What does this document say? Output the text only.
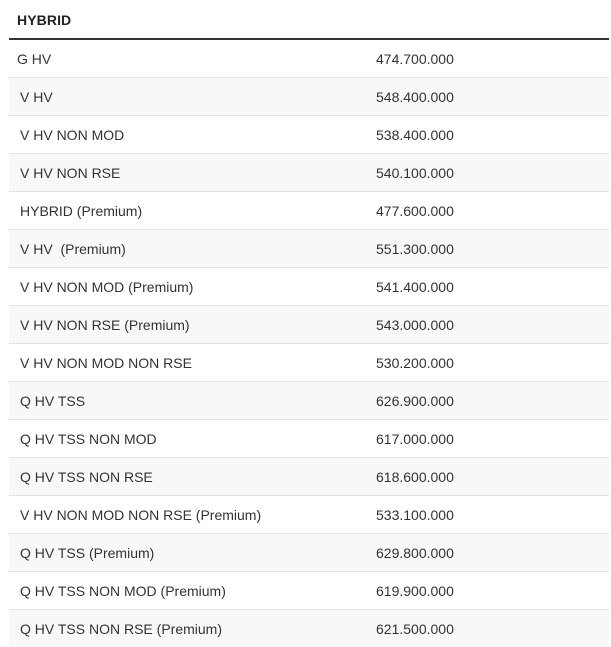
HYBRID
G HV	474.700.000
V HV	548.400.000
V HV NON MOD	538.400.000
V HV NON RSE	540.100.000
HYBRID (Premium)	477.600.000
V HV  (Premium)	551.300.000
V HV NON MOD (Premium)	541.400.000
V HV NON RSE (Premium)	543.000.000
V HV NON MOD NON RSE	530.200.000
Q HV TSS	626.900.000
Q HV TSS NON MOD	617.000.000
Q HV TSS NON RSE	618.600.000
V HV NON MOD NON RSE (Premium)	533.100.000
Q HV TSS (Premium)	629.800.000
Q HV TSS NON MOD (Premium)	619.900.000
Q HV TSS NON RSE (Premium)	621.500.000
